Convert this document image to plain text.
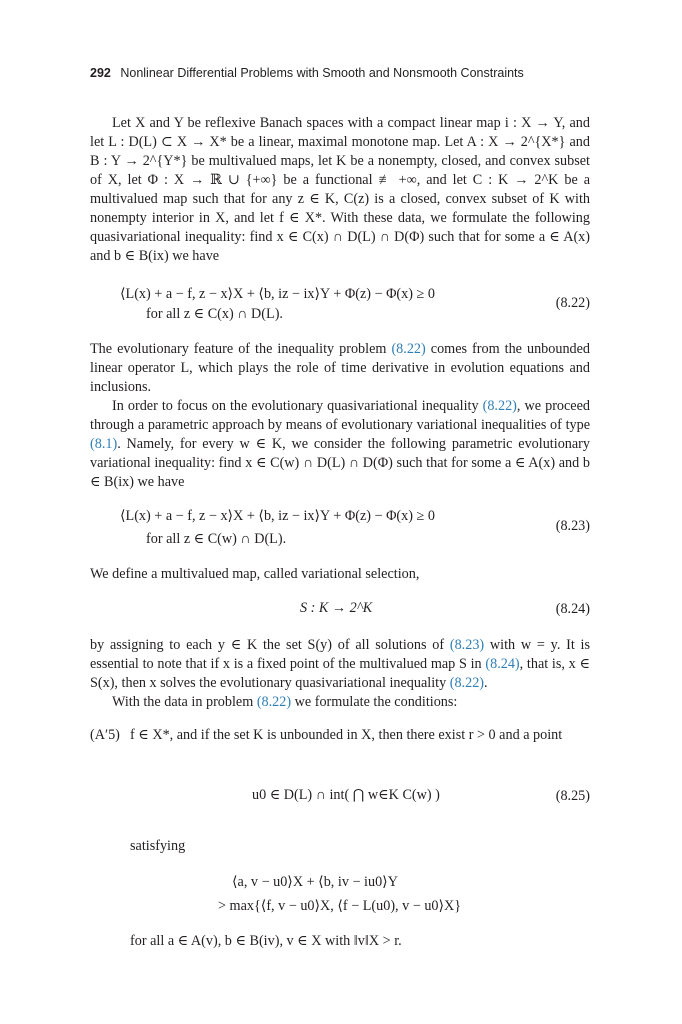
292 Nonlinear Differential Problems with Smooth and Nonsmooth Constraints
Let X and Y be reflexive Banach spaces with a compact linear map i : X → Y, and let L : D(L) ⊂ X → X* be a linear, maximal monotone map. Let A : X → 2^{X*} and B : Y → 2^{Y*} be multivalued maps, let K be a nonempty, closed, and convex subset of X, let Φ : X → ℝ ∪ {+∞} be a functional ≢ +∞, and let C : K → 2^K be a multivalued map such that for any z ∈ K, C(z) is a closed, convex subset of K with nonempty interior in X, and let f ∈ X*. With these data, we formulate the following quasivariational inequality: find x ∈ C(x) ∩ D(L) ∩ D(Φ) such that for some a ∈ A(x) and b ∈ B(ix) we have
⟨L(x) + a − f, z − x⟩X + ⟨b, iz − ix⟩Y + Φ(z) − Φ(x) ≥ 0
for all z ∈ C(x) ∩ D(L).
(8.22)
The evolutionary feature of the inequality problem (8.22) comes from the unbounded linear operator L, which plays the role of time derivative in evolution equations and inclusions.
In order to focus on the evolutionary quasivariational inequality (8.22), we proceed through a parametric approach by means of evolutionary variational inequalities of type (8.1). Namely, for every w ∈ K, we consider the following parametric evolutionary variational inequality: find x ∈ C(w) ∩ D(L) ∩ D(Φ) such that for some a ∈ A(x) and b ∈ B(ix) we have
⟨L(x) + a − f, z − x⟩X + ⟨b, iz − ix⟩Y + Φ(z) − Φ(x) ≥ 0
for all z ∈ C(w) ∩ D(L).
(8.23)
We define a multivalued map, called variational selection,
S : K → 2^K	(8.24)
by assigning to each y ∈ K the set S(y) of all solutions of (8.23) with w = y. It is essential to note that if x is a fixed point of the multivalued map S in (8.24), that is, x ∈ S(x), then x solves the evolutionary quasivariational inequality (8.22).
With the data in problem (8.22) we formulate the conditions:
(A′5) f ∈ X*, and if the set K is unbounded in X, then there exist r > 0 and a point
u0 ∈ D(L) ∩ int( ⋂ w∈K C(w) )	(8.25)
satisfying
⟨a, v − u0⟩X + ⟨b, iv − iu0⟩Y
> max{⟨f, v − u0⟩X, ⟨f − L(u0), v − u0⟩X}
for all a ∈ A(v), b ∈ B(iv), v ∈ X with ‖v‖X > r.
